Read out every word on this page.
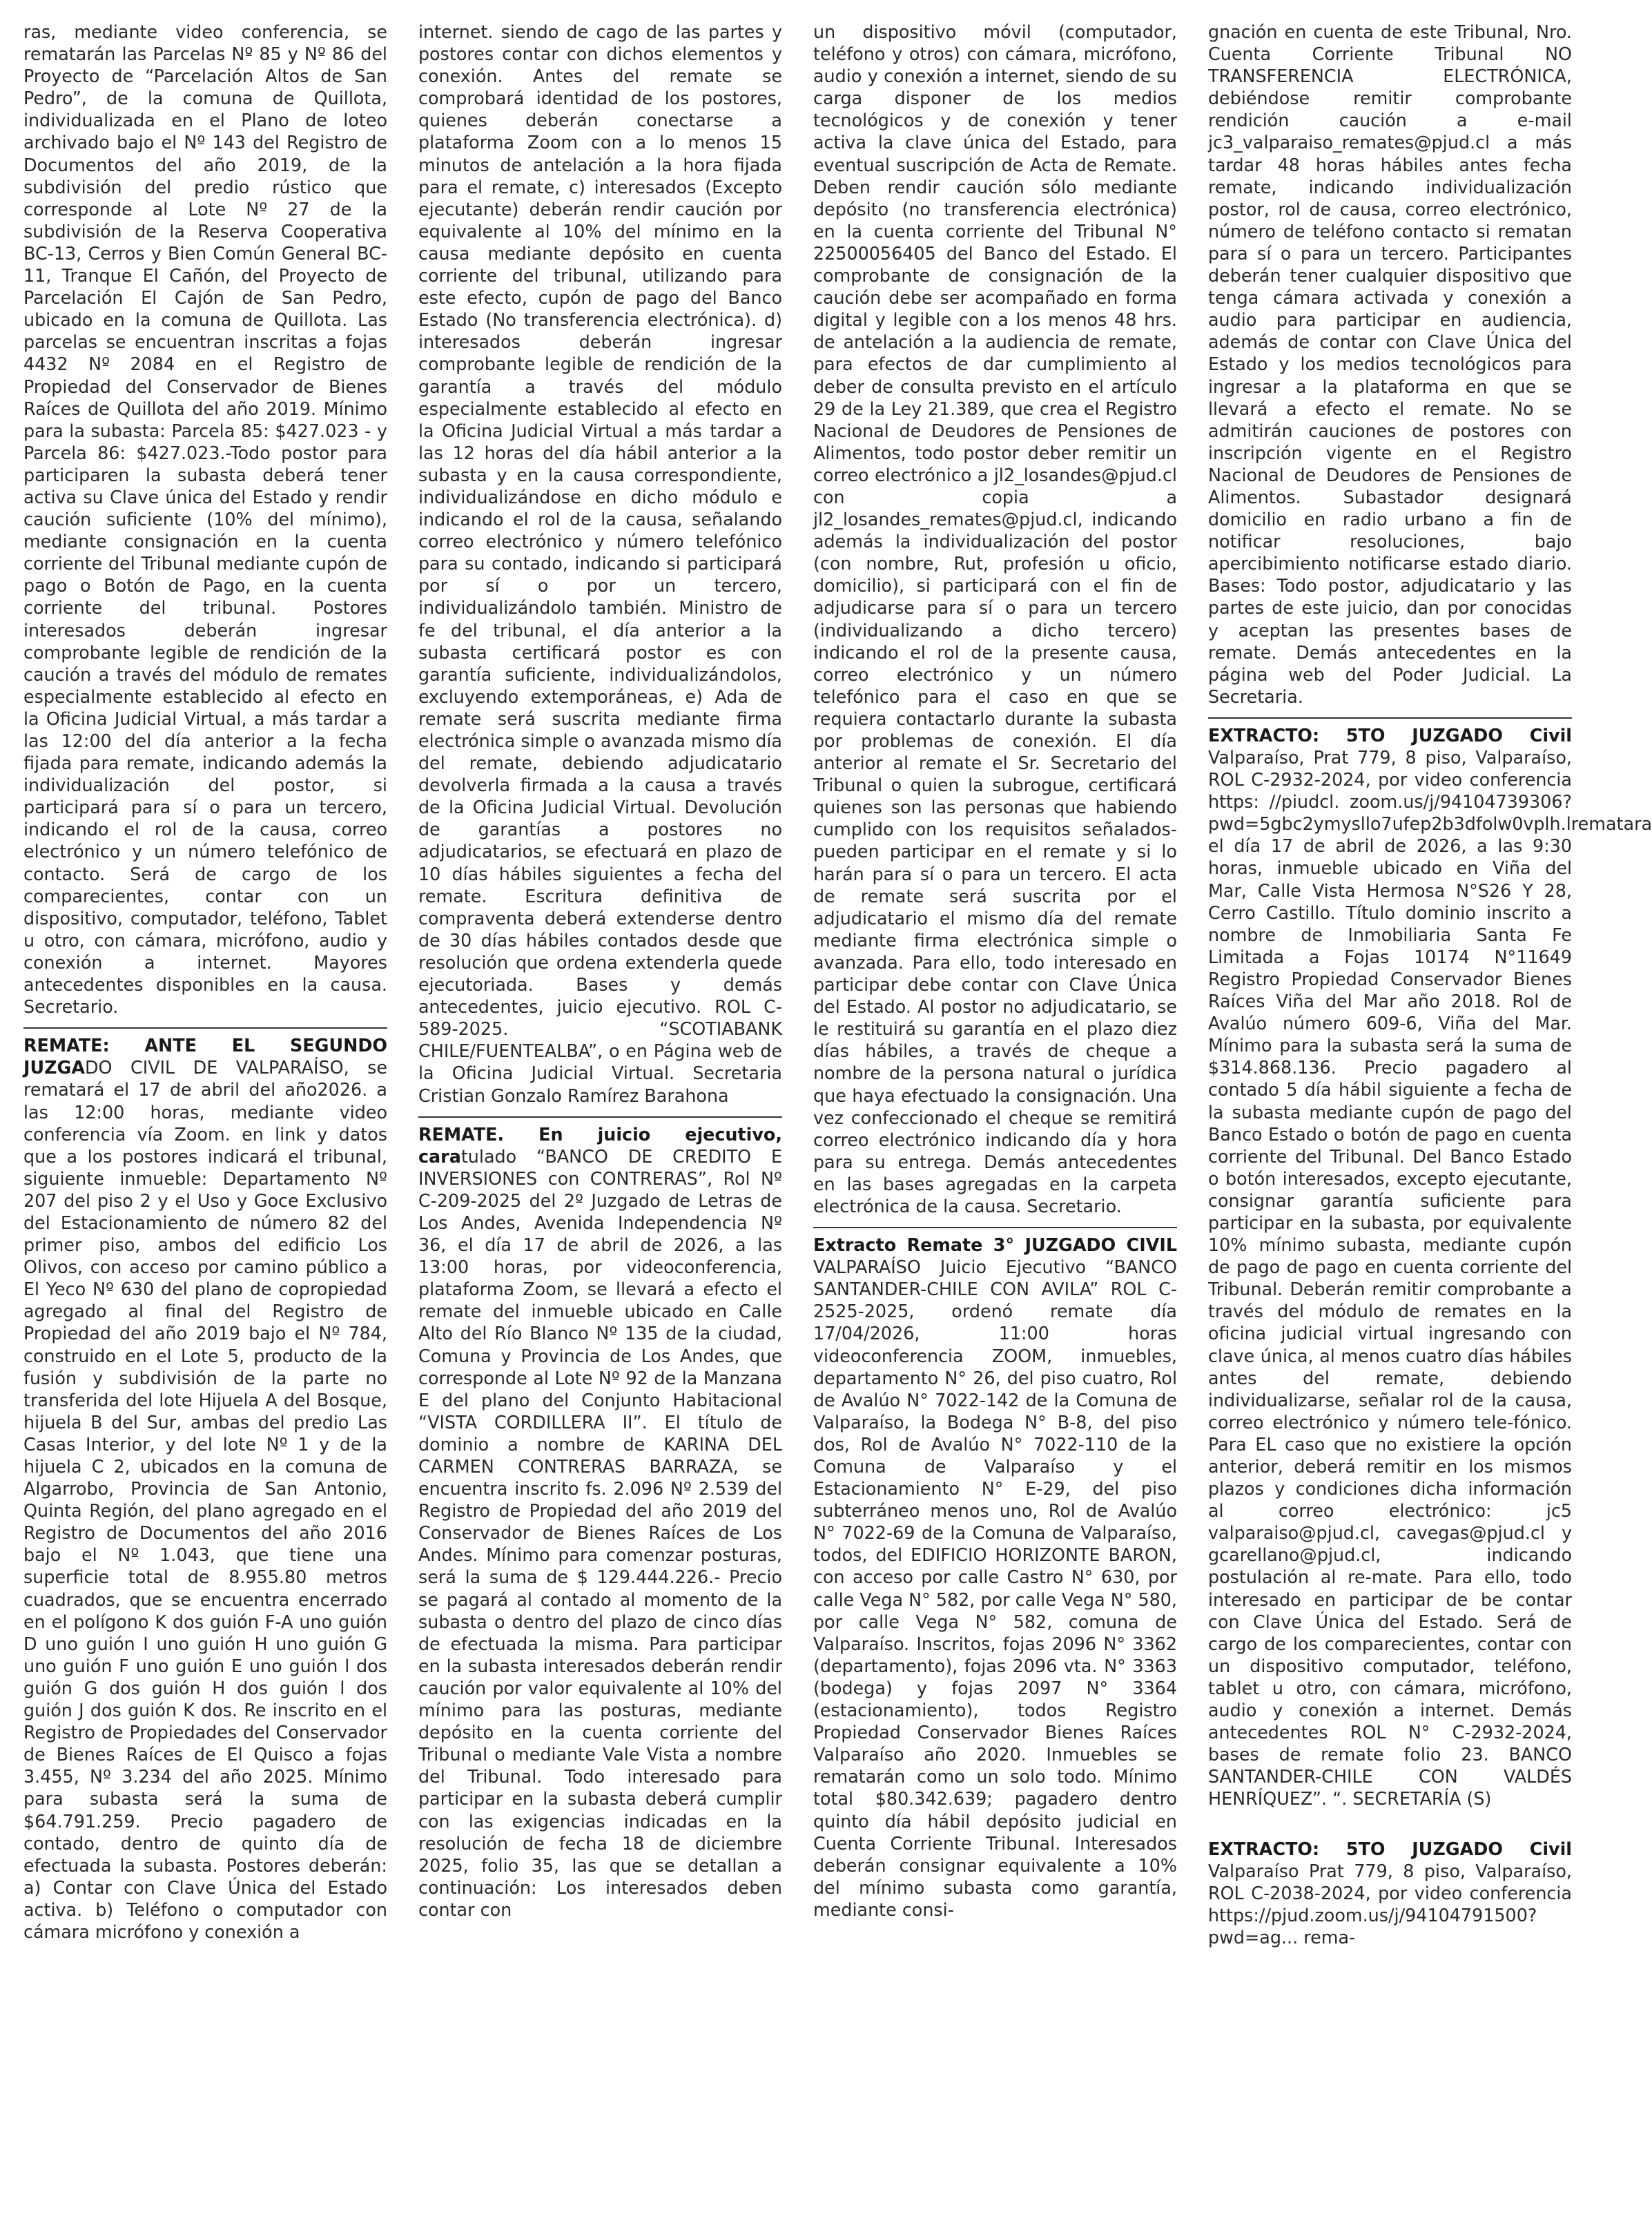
ras, mediante video conferencia, se rematarán las Parcelas Nº 85 y Nº 86 del Proyecto de “Parcelación Altos de San Pedro”, de la comuna de Quillota, individualizada en el Plano de loteo archivado bajo el Nº 143 del Registro de Documentos del año 2019, de la subdivisión del predio rústico que corresponde al Lote Nº 27 de la subdivisión de la Reserva Cooperativa BC-13, Cerros y Bien Común General BC-11, Tranque El Cañón, del Proyecto de Parcelación El Cajón de San Pedro, ubicado en la comuna de Quillota. Las parcelas se encuentran inscritas a fojas 4432 Nº 2084 en el Registro de Propiedad del Conservador de Bienes Raíces de Quillota del año 2019. Mínimo para la subasta: Parcela 85: $427.023 - y Parcela 86: $427.023.-Todo postor para participaren la subasta deberá tener activa su Clave única del Estado y rendir caución suficiente (10% del mínimo), mediante consignación en la cuenta corriente del Tribunal mediante cupón de pago o Botón de Pago, en la cuenta corriente del tribunal. Postores interesados deberán ingresar comprobante legible de rendición de la caución a través del módulo de remates especialmente establecido al efecto en la Oficina Judicial Virtual, a más tardar a las 12:00 del día anterior a la fecha fijada para remate, indicando además la individualización del postor, si participará para sí o para un tercero, indicando el rol de la causa, correo electrónico y un número telefónico de contacto. Será de cargo de los comparecientes, contar con un dispositivo, computador, teléfono, Tablet u otro, con cámara, micrófono, audio y conexión a internet. Mayores antecedentes disponibles en la causa. Secretario.

REMATE: ANTE EL SEGUNDO JUZGADO CIVIL DE VALPARAÍSO, se rematará el 17 de abril del año2026. a las 12:00 horas, mediante video conferencia vía Zoom. en link y datos que a los postores indicará el tribunal, siguiente inmueble: Departamento Nº 207 del piso 2 y el Uso y Goce Exclusivo del Estacionamiento de número 82 del primer piso, ambos del edificio Los Olivos, con acceso por camino público a El Yeco Nº 630 del plano de copropiedad agregado al final del Registro de Propiedad del año 2019 bajo el Nº 784, construido en el Lote 5, producto de la fusión y subdivisión de la parte no transferida del lote Hijuela A del Bosque, hijuela B del Sur, ambas del predio Las Casas Interior, y del lote Nº 1 y de la hijuela C 2, ubicados en la comuna de Algarrobo, Provincia de San Antonio, Quinta Región, del plano agregado en el Registro de Documentos del año 2016 bajo el Nº 1.043, que tiene una superficie total de 8.955.80 metros cuadrados, que se encuentra encerrado en el polígono K dos guión F-A uno guión D uno guión I uno guión H uno guión G uno guión F uno guión E uno guión l dos guión G dos guión H dos guión l dos guión J dos guión K dos. Re inscrito en el Registro de Propiedades del Conservador de Bienes Raíces de El Quisco a fojas 3.455, Nº 3.234 del año 2025. Mínimo para subasta será la suma de $64.791.259. Precio pagadero de contado, dentro de quinto día de efectuada la subasta. Postores deberán: a) Contar con Clave Única del Estado activa. b) Teléfono o computador con cámara micrófono y conexión a

internet. siendo de cago de las partes y postores contar con dichos elementos y conexión. Antes del remate se comprobará identidad de los postores, quienes deberán conectarse a plataforma Zoom con a lo menos 15 minutos de antelación a la hora fijada para el remate, c) interesados (Excepto ejecutante) deberán rendir caución por equivalente al 10% del mínimo en la causa mediante depósito en cuenta corriente del tribunal, utilizando para este efecto, cupón de pago del Banco Estado (No transferencia electrónica). d) interesados deberán ingresar comprobante legible de rendición de la garantía a través del módulo especialmente establecido al efecto en la Oficina Judicial Virtual a más tardar a las 12 horas del día hábil anterior a la subasta y en la causa correspondiente, individualizándose en dicho módulo e indicando el rol de la causa, señalando correo electrónico y número telefónico para su contado, indicando si participará por sí o por un tercero, individualizándolo también. Ministro de fe del tribunal, el día anterior a la subasta certificará postor es con garantía suficiente, individualizándolos, excluyendo extemporáneas, e) Ada de remate será suscrita mediante firma electrónica simple o avanzada mismo día del remate, debiendo adjudicatario devolverla firmada a la causa a través de la Oficina Judicial Virtual. Devolución de garantías a postores no adjudicatarios, se efectuará en plazo de 10 días hábiles siguientes a fecha del remate. Escritura definitiva de compraventa deberá extenderse dentro de 30 días hábiles contados desde que resolución que ordena extenderla quede ejecutoriada. Bases y demás antecedentes, juicio ejecutivo. ROL C-589-2025. “SCOTIABANK CHILE/FUENTEALBA”, o en Página web de la Oficina Judicial Virtual. Secretaria Cristian Gonzalo Ramírez Barahona

REMATE. En juicio ejecutivo, caratulado “BANCO DE CREDITO E INVERSIONES con CONTRERAS”, Rol Nº C-209-2025 del 2º Juzgado de Letras de Los Andes, Avenida Independencia Nº 36, el día 17 de abril de 2026, a las 13:00 horas, por videoconferencia, plataforma Zoom, se llevará a efecto el remate del inmueble ubicado en Calle Alto del Río Blanco Nº 135 de la ciudad, Comuna y Provincia de Los Andes, que corresponde al Lote Nº 92 de la Manzana E del plano del Conjunto Habitacional “VISTA CORDILLERA II”. El título de dominio a nombre de KARINA DEL CARMEN CONTRERAS BARRAZA, se encuentra inscrito fs. 2.096 Nº 2.539 del Registro de Propiedad del año 2019 del Conservador de Bienes Raíces de Los Andes. Mínimo para comenzar posturas, será la suma de $ 129.444.226.- Precio se pagará al contado al momento de la subasta o dentro del plazo de cinco días de efectuada la misma. Para participar en la subasta interesados deberán rendir caución por valor equivalente al 10% del mínimo para las posturas, mediante depósito en la cuenta corriente del Tribunal o mediante Vale Vista a nombre del Tribunal. Todo interesado para participar en la subasta deberá cumplir con las exigencias indicadas en la resolución de fecha 18 de diciembre 2025, folio 35, las que se detallan a continuación: Los interesados deben contar con

un dispositivo móvil (computador, teléfono y otros) con cámara, micrófono, audio y conexión a internet, siendo de su carga disponer de los medios tecnológicos y de conexión y tener activa la clave única del Estado, para eventual suscripción de Acta de Remate. Deben rendir caución sólo mediante depósito (no transferencia electrónica) en la cuenta corriente del Tribunal N° 22500056405 del Banco del Estado. El comprobante de consignación de la caución debe ser acompañado en forma digital y legible con a los menos 48 hrs. de antelación a la audiencia de remate, para efectos de dar cumplimiento al deber de consulta previsto en el artículo 29 de la Ley 21.389, que crea el Registro Nacional de Deudores de Pensiones de Alimentos, todo postor deber remitir un correo electrónico a jl2_losandes@pjud.cl con copia a jl2_losandes_remates@pjud.cl, indicando además la individualización del postor (con nombre, Rut, profesión u oficio, domicilio), si participará con el fin de adjudicarse para sí o para un tercero (individualizando a dicho tercero) indicando el rol de la presente causa, correo electrónico y un número telefónico para el caso en que se requiera contactarlo durante la subasta por problemas de conexión. El día anterior al remate el Sr. Secretario del Tribunal o quien la subrogue, certificará quienes son las personas que habiendo cumplido con los requisitos señalados- pueden participar en el remate y si lo harán para sí o para un tercero. El acta de remate será suscrita por el adjudicatario el mismo día del remate mediante firma electrónica simple o avanzada. Para ello, todo interesado en participar debe contar con Clave Única del Estado. Al postor no adjudicatario, se le restituirá su garantía en el plazo diez días hábiles, a través de cheque a nombre de la persona natural o jurídica que haya efectuado la consignación. Una vez confeccionado el cheque se remitirá correo electrónico indicando día y hora para su entrega. Demás antecedentes en las bases agregadas en la carpeta electrónica de la causa. Secretario.

Extracto Remate 3° JUZGADO CIVIL VALPARAÍSO Juicio Ejecutivo “BANCO SANTANDER-CHILE CON AVILA” ROL C-2525-2025, ordenó remate día 17/04/2026, 11:00 horas videoconferencia ZOOM, inmuebles, departamento N° 26, del piso cuatro, Rol de Avalúo N° 7022-142 de la Comuna de Valparaíso, la Bodega N° B-8, del piso dos, Rol de Avalúo N° 7022-110 de la Comuna de Valparaíso y el Estacionamiento N° E-29, del piso subterráneo menos uno, Rol de Avalúo N° 7022-69 de la Comuna de Valparaíso, todos, del EDIFICIO HORIZONTE BARON, con acceso por calle Castro N° 630, por calle Vega N° 582, por calle Vega N° 580, por calle Vega N° 582, comuna de Valparaíso. Inscritos, fojas 2096 N° 3362 (departamento), fojas 2096 vta. N° 3363 (bodega) y fojas 2097 N° 3364 (estacionamiento), todos Registro Propiedad Conservador Bienes Raíces Valparaíso año 2020. Inmuebles se rematarán como un solo todo. Mínimo total $80.342.639; pagadero dentro quinto día hábil depósito judicial en Cuenta Corriente Tribunal. Interesados deberán consignar equivalente a 10% del mínimo subasta como garantía, mediante consi-

gnación en cuenta de este Tribunal, Nro. Cuenta Corriente Tribunal NO TRANSFERENCIA ELECTRÓNICA, debiéndose remitir comprobante rendición caución a e-mail jc3_valparaiso_remates@pjud.cl a más tardar 48 horas hábiles antes fecha remate, indicando individualización postor, rol de causa, correo electrónico, número de teléfono contacto si rematan para sí o para un tercero. Participantes deberán tener cualquier dispositivo que tenga cámara activada y conexión a audio para participar en audiencia, además de contar con Clave Única del Estado y los medios tecnológicos para ingresar a la plataforma en que se llevará a efecto el remate. No se admitirán cauciones de postores con inscripción vigente en el Registro Nacional de Deudores de Pensiones de Alimentos. Subastador designará domicilio en radio urbano a fin de notificar resoluciones, bajo apercibimiento notificarse estado diario. Bases: Todo postor, adjudicatario y las partes de este juicio, dan por conocidas y aceptan las presentes bases de remate. Demás antecedentes en la página web del Poder Judicial. La Secretaria.

EXTRACTO: 5TO JUZGADO Civil Valparaíso, Prat 779, 8 piso, Valparaíso, ROL C-2932-2024, por video conferencia https: //piudcl. zoom.us/j/94104739306?pwd=5gbc2ymysllo7ufep2b3dfolw0vplh.lrematara el día 17 de abril de 2026, a las 9:30 horas, inmueble ubicado en Viña del Mar, Calle Vista Hermosa N°S26 Y 28, Cerro Castillo. Título dominio inscrito a nombre de Inmobiliaria Santa Fe Limitada a Fojas 10174 N°11649 Registro Propiedad Conservador Bienes Raíces Viña del Mar año 2018. Rol de Avalúo número 609-6, Viña del Mar. Mínimo para la subasta será la suma de $314.868.136. Precio pagadero al contado 5 día hábil siguiente a fecha de la subasta mediante cupón de pago del Banco Estado o botón de pago en cuenta corriente del Tribunal. Del Banco Estado o botón interesados, excepto ejecutante, consignar garantía suficiente para participar en la subasta, por equivalente 10% mínimo subasta, mediante cupón de pago de pago en cuenta corriente del Tribunal. Deberán remitir comprobante a través del módulo de remates en la oficina judicial virtual ingresando con clave única, al menos cuatro días hábiles antes del remate, debiendo individualizarse, señalar rol de la causa, correo electrónico y número tele-fónico. Para EL caso que no existiere la opción anterior, deberá remitir en los mismos plazos y condiciones dicha información al correo electrónico: jc5 valparaiso@pjud.cl, cavegas@pjud.cl y gcarellano@pjud.cl, indicando postulación al re-mate. Para ello, todo interesado en participar de be contar con Clave Única del Estado. Será de cargo de los comparecientes, contar con un dispositivo computador, teléfono, tablet u otro, con cámara, micrófono, audio y conexión a internet. Demás antecedentes ROL N° C-2932-2024, bases de remate folio 23. BANCO SANTANDER-CHILE CON VALDÉS HENRÍQUEZ”. “. SECRETARÍA (S)

EXTRACTO: 5TO JUZGADO Civil Valparaíso Prat 779, 8 piso, Valparaíso, ROL C-2038-2024, por video conferencia https://pjud.zoom.us/j/94104791500?pwd=ag... rema-
